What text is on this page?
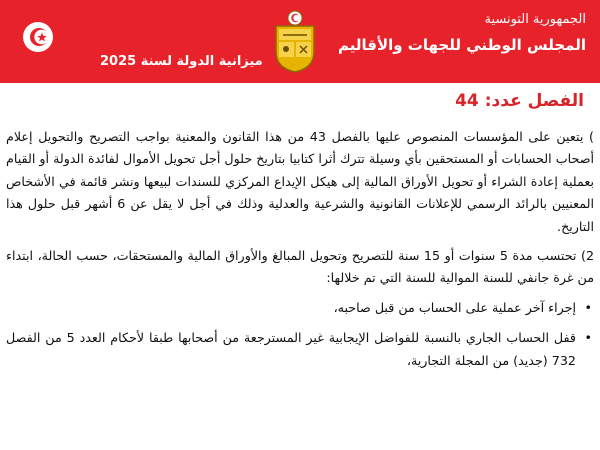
الجمهورية التونسية
المجلس الوطني للجهات والأقاليم
ميزانية الدولة لسنة 2025
الفصل عدد:44

) يتعين على المؤسسات المنصوص عليها بالفصل 43 من هذا القانون والمعنية بواجب التصريح والتحويل إعلام أصحاب الحسابات أو المستحقين بأي وسيلة تترك أثرا كتابيا بتاريخ حلول أجل تحويل الأموال لفائدة الدولة أو القيام بعملية إعادة الشراء أو تحويل الأوراق المالية إلى هيكل الإيداع المركزي للسندات لبيعها ونشر قائمة في الأشخاص المعنيين بالرائد الرسمي للإعلانات القانونية والشرعية والعدلية وذلك في أجل لا يقل عن 6 أشهر قبل حلول هذا التاريخ.

2) تحتسب مدة 5 سنوات أو 15 سنة للتصريح وتحويل المبالغ والأوراق المالية والمستحقات، حسب الحالة، ابتداء من غرة جانفي للسنة الموالية للسنة التي تم خلالها:

•
إجراء آخر عملية على الحساب من قبل صاحبه،
•
قفل الحساب الجاري بالنسبة للفواضل الإيجابية غير المسترجعة من أصحابها طبقا لأحكام العدد 5 من الفصل 732 (جديد) من المجلة التجارية،
